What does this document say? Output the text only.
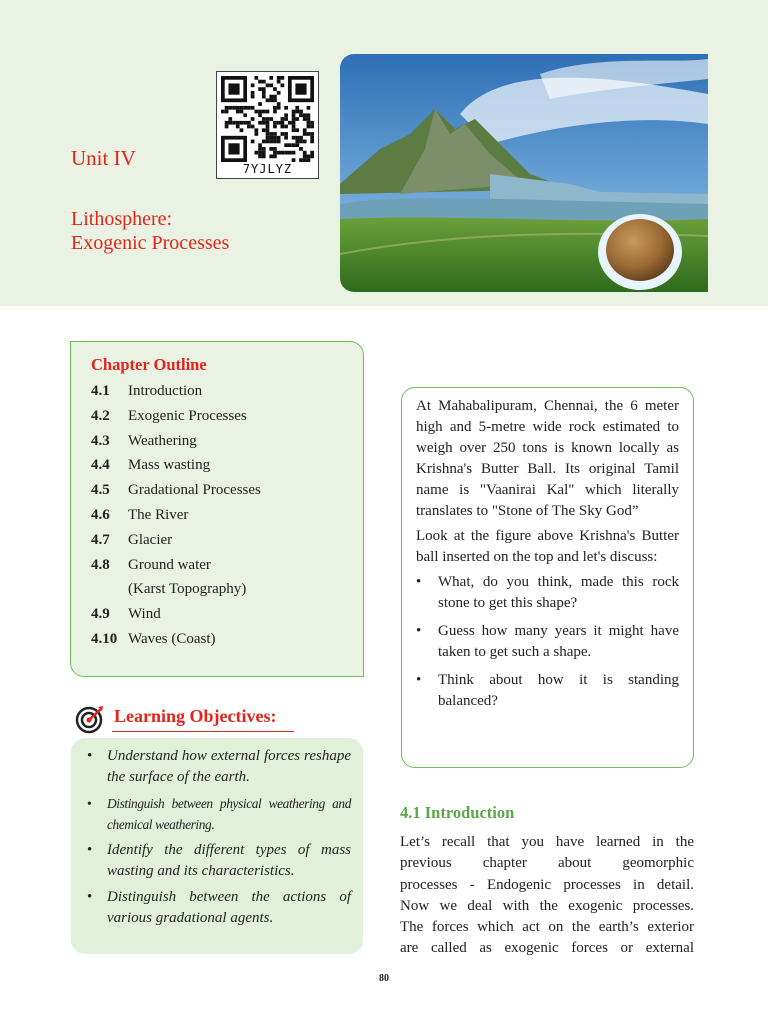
Unit IV
Lithosphere:
Exogenic Processes
7YJLYZ
Chapter Outline
4.1	Introduction
4.2	Exogenic Processes
4.3	Weathering
4.4	Mass wasting
4.5	Gradational Processes
4.6	The River
4.7	Glacier
4.8	Ground water
(Karst Topography)
4.9	Wind
4.10 Waves (Coast)
Learning Objectives:
• Understand how external forces reshape the surface of the earth.
• Distinguish between physical weathering and chemical weathering.
• Identify the different types of mass wasting and its characteristics.
• Distinguish between the actions of various gradational agents.

At Mahabalipuram, Chennai, the 6 meter high and 5-metre wide rock estimated to weigh over 250 tons is known locally as Krishna's Butter Ball. Its original Tamil name is "Vaanirai Kal" which literally translates to "Stone of The Sky God”

Look at the figure above Krishna's Butter ball inserted on the top and let's discuss:

• What, do you think, made this rock stone to get this shape?
• Guess how many years it might have taken to get such a shape.
• Think about how it is standing balanced?
4.1 Introduction
Let’s recall that you have learned in the
previous chapter about geomorphic
processes - Endogenic processes in detail.
Now we deal with the exogenic processes.
The forces which act on the earth’s exterior
are called as exogenic forces or external
80
